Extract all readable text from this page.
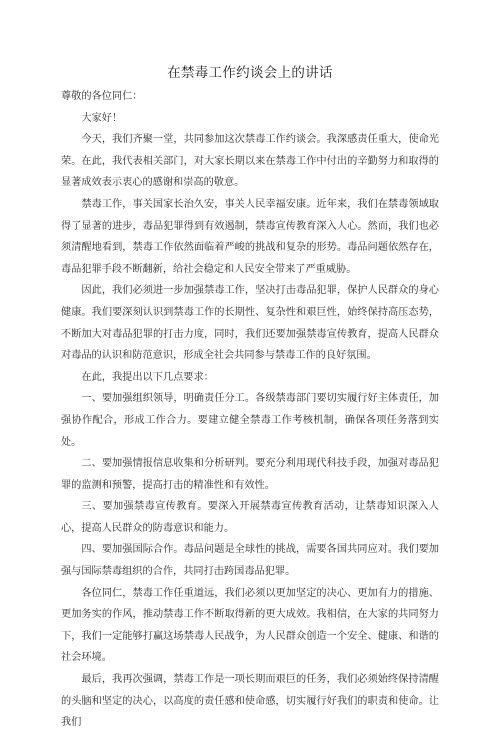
在禁毒工作约谈会上的讲话

尊敬的各位同仁：

大家好！

今天，我们齐聚一堂，共同参加这次禁毒工作约谈会。我深感责任重大，使命光荣。在此，我代表相关部门，对大家长期以来在禁毒工作中付出的辛勤努力和取得的显著成效表示衷心的感谢和崇高的敬意。

禁毒工作，事关国家长治久安，事关人民幸福安康。近年来，我们在禁毒领域取得了显著的进步，毒品犯罪得到有效遏制，禁毒宣传教育深入人心。然而，我们也必须清醒地看到，禁毒工作依然面临着严峻的挑战和复杂的形势。毒品问题依然存在，毒品犯罪手段不断翻新，给社会稳定和人民安全带来了严重威胁。

因此，我们必须进一步加强禁毒工作，坚决打击毒品犯罪，保护人民群众的身心健康。我们要深刻认识到禁毒工作的长期性、复杂性和艰巨性，始终保持高压态势，不断加大对毒品犯罪的打击力度，同时，我们还要加强禁毒宣传教育，提高人民群众对毒品的认识和防范意识，形成全社会共同参与禁毒工作的良好氛围。

在此，我提出以下几点要求：

一、要加强组织领导，明确责任分工。各级禁毒部门要切实履行好主体责任，加强协作配合，形成工作合力。要建立健全禁毒工作考核机制，确保各项任务落到实处。

二、要加强情报信息收集和分析研判。要充分利用现代科技手段，加强对毒品犯罪的监测和预警，提高打击的精准性和有效性。

三、要加强禁毒宣传教育。要深入开展禁毒宣传教育活动，让禁毒知识深入人心，提高人民群众的防毒意识和能力。

四、要加强国际合作。毒品问题是全球性的挑战，需要各国共同应对。我们要加强与国际禁毒组织的合作，共同打击跨国毒品犯罪。

各位同仁，禁毒工作任重道远，我们必须以更加坚定的决心、更加有力的措施、更加务实的作风，推动禁毒工作不断取得新的更大成效。我相信，在大家的共同努力下，我们一定能够打赢这场禁毒人民战争，为人民群众创造一个安全、健康、和谐的社会环境。

最后，我再次强调，禁毒工作是一项长期而艰巨的任务，我们必须始终保持清醒的头脑和坚定的决心，以高度的责任感和使命感，切实履行好我们的职责和使命。让我们
